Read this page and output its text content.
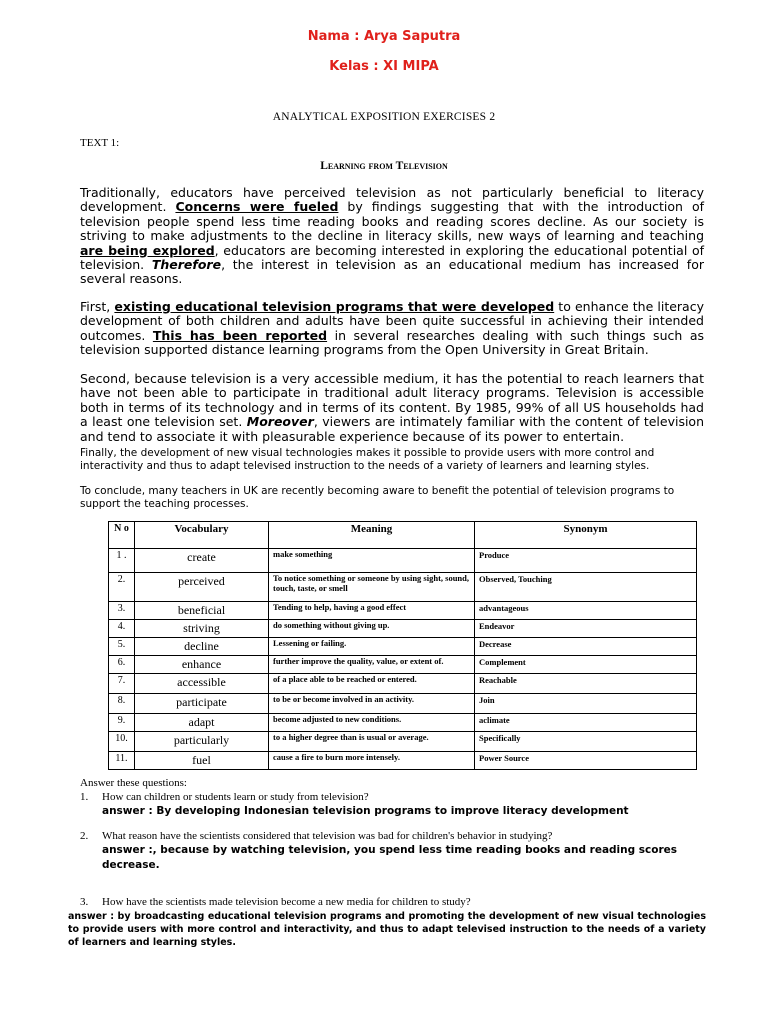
Nama : Arya Saputra
Kelas : XI MIPA
ANALYTICAL EXPOSITION EXERCISES 2
TEXT 1:
Learning from Television
Traditionally, educators have perceived television as not particularly beneficial to literacy development. Concerns were fueled by findings suggesting that with the introduction of television people spend less time reading books and reading scores decline. As our society is striving to make adjustments to the decline in literacy skills, new ways of learning and teaching are being explored, educators are becoming interested in exploring the educational potential of television. Therefore, the interest in television as an educational medium has increased for several reasons.
First, existing educational television programs that were developed to enhance the literacy development of both children and adults have been quite successful in achieving their intended outcomes. This has been reported in several researches dealing with such things such as television supported distance learning programs from the Open University in Great Britain.
Second, because television is a very accessible medium, it has the potential to reach learners that have not been able to participate in traditional adult literacy programs. Television is accessible both in terms of its technology and in terms of its content. By 1985, 99% of all US households had a least one television set. Moreover, viewers are intimately familiar with the content of television and tend to associate it with pleasurable experience because of its power to entertain.
Finally, the development of new visual technologies makes it possible to provide users with more control and interactivity and thus to adapt televised instruction to the needs of a variety of learners and learning styles.
To conclude, many teachers in UK are recently becoming aware to benefit the potential of television programs to support the teaching processes.
N o	Vocabulary	Meaning	Synonym
1 .	create	make something	Produce
2.	perceived	To notice something or someone by using sight, sound, touch, taste, or smell	Observed, Touching
3.	beneficial	Tending to help, having a good effect	advantageous
4.	striving	do something without giving up.	Endeavor
5.	decline	Lessening or failing.	Decrease
6.	enhance	further improve the quality, value, or extent of.	Complement
7.	accessible	of a place able to be reached or entered.	Reachable
8.	participate	to be or become involved in an activity.	Join
9.	adapt	become adjusted to new conditions.	aclimate
10.	particularly	to a higher degree than is usual or average.	Specifically
11.	fuel	cause a fire to burn more intensely.	Power Source
Answer these questions:
1. How can children or students learn or study from television?
answer : By developing Indonesian television programs to improve literacy development
2. What reason have the scientists considered that television was bad for children's behavior in studying?
answer :, because by watching television, you spend less time reading books and reading scores decrease.
3. How have the scientists made television become a new media for children to study?
answer : by broadcasting educational television programs and promoting the development of new visual technologies to provide users with more control and interactivity, and thus to adapt televised instruction to the needs of a variety of learners and learning styles.
